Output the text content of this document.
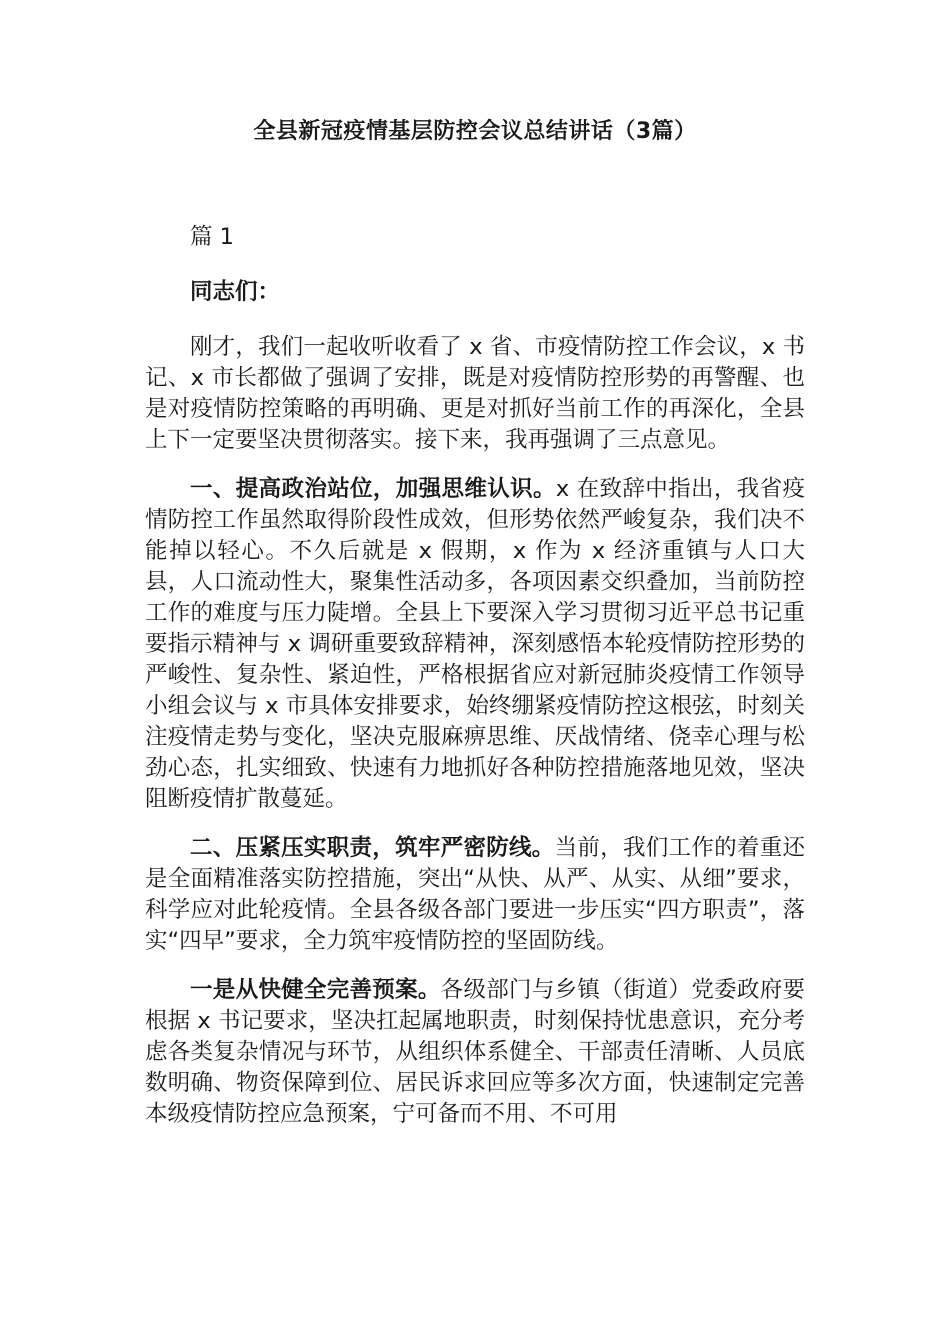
全县新冠疫情基层防控会议总结讲话（3篇）

篇 1

同志们：

刚才，我们一起收听收看了 x 省、市疫情防控工作会议，x 书记、x 市长都做了强调了安排，既是对疫情防控形势的再警醒、也是对疫情防控策略的再明确、更是对抓好当前工作的再深化，全县上下一定要坚决贯彻落实。接下来，我再强调了三点意见。

一、提高政治站位，加强思维认识。x 在致辞中指出，我省疫情防控工作虽然取得阶段性成效，但形势依然严峻复杂，我们决不能掉以轻心。不久后就是 x 假期，x 作为 x 经济重镇与人口大县，人口流动性大，聚集性活动多，各项因素交织叠加，当前防控工作的难度与压力陡增。全县上下要深入学习贯彻习近平总书记重要指示精神与 x 调研重要致辞精神，深刻感悟本轮疫情防控形势的严峻性、复杂性、紧迫性，严格根据省应对新冠肺炎疫情工作领导小组会议与 x 市具体安排要求，始终绷紧疫情防控这根弦，时刻关注疫情走势与变化，坚决克服麻痹思维、厌战情绪、侥幸心理与松劲心态，扎实细致、快速有力地抓好各种防控措施落地见效，坚决阻断疫情扩散蔓延。

二、压紧压实职责，筑牢严密防线。当前，我们工作的着重还是全面精准落实防控措施，突出“从快、从严、从实、从细”要求，科学应对此轮疫情。全县各级各部门要进一步压实“四方职责”，落实“四早”要求，全力筑牢疫情防控的坚固防线。

一是从快健全完善预案。各级部门与乡镇（街道）党委政府要根据 x 书记要求，坚决扛起属地职责，时刻保持忧患意识，充分考虑各类复杂情况与环节，从组织体系健全、干部责任清晰、人员底数明确、物资保障到位、居民诉求回应等多次方面，快速制定完善本级疫情防控应急预案，宁可备而不用、不可用
